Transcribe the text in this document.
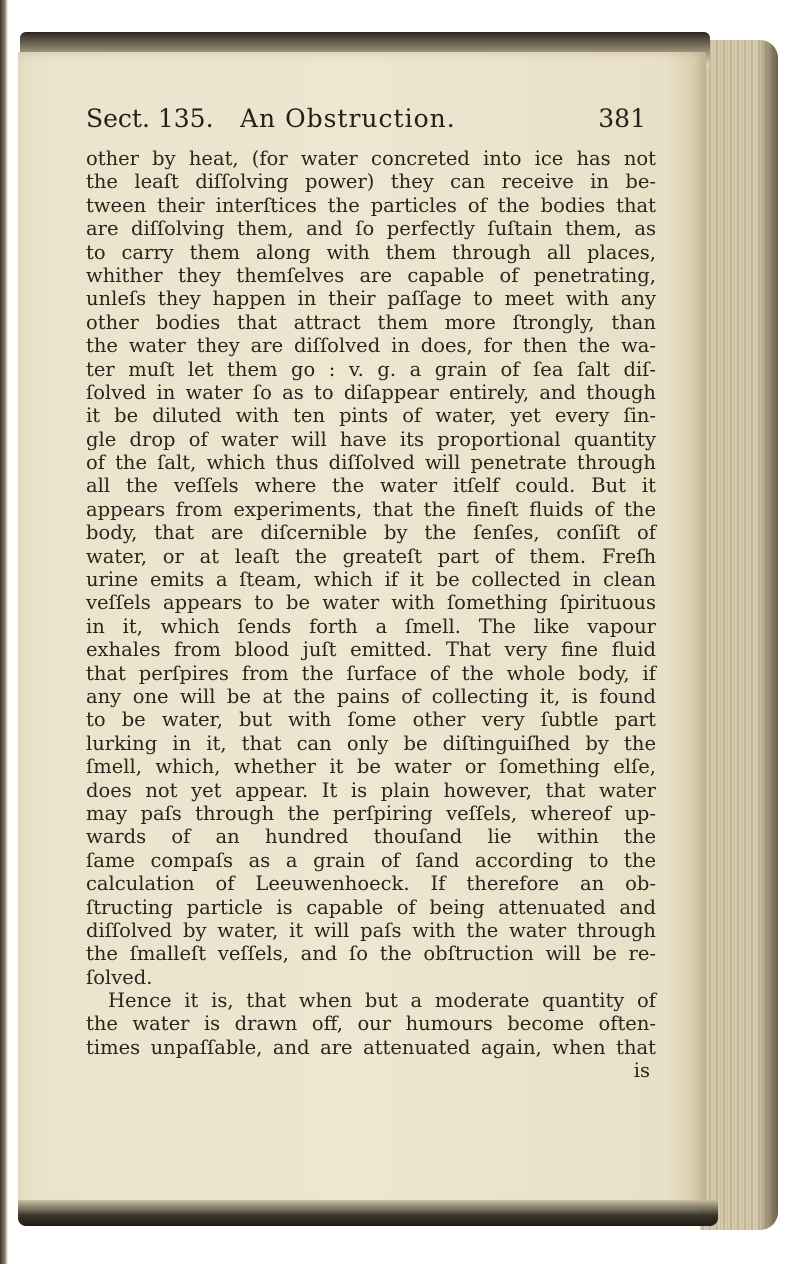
Sect. 135. An Obstruction.	381
other by heat, (for water concreted into ice has not
the leaſt diſſolving power) they can receive in be-
tween their interſtices the particles of the bodies that
are diſſolving them, and ſo perfectly ſuſtain them, as
to carry them along with them through all places,
whither they themſelves are capable of penetrating,
unleſs they happen in their paſſage to meet with any
other bodies that attract them more ſtrongly, than
the water they are diſſolved in does, for then the wa-
ter muſt let them go : v. g. a grain of ſea ſalt diſ-
ſolved in water ſo as to diſappear entirely, and though
it be diluted with ten pints of water, yet every ſin-
gle drop of water will have its proportional quantity
of the ſalt, which thus diſſolved will penetrate through
all the veſſels where the water itſelf could. But it
appears from experiments, that the fineſt fluids of the
body, that are diſcernible by the ſenſes, conſiſt of
water, or at leaſt the greateſt part of them. Freſh
urine emits a ſteam, which if it be collected in clean
veſſels appears to be water with ſomething ſpirituous
in it, which ſends forth a ſmell. The like vapour
exhales from blood juſt emitted. That very fine fluid
that perſpires from the ſurface of the whole body, if
any one will be at the pains of collecting it, is found
to be water, but with ſome other very ſubtle part
lurking in it, that can only be diſtinguiſhed by the
ſmell, which, whether it be water or ſomething elſe,
does not yet appear. It is plain however, that water
may paſs through the perſpiring veſſels, whereof up-
wards of an hundred thouſand lie within the
ſame compaſs as a grain of ſand according to the
calculation of Leeuwenhoeck. If therefore an ob-
ſtructing particle is capable of being attenuated and
diſſolved by water, it will paſs with the water through
the ſmalleſt veſſels, and ſo the obſtruction will be re-
ſolved.
Hence it is, that when but a moderate quantity of
the water is drawn off, our humours become often-
times unpaſſable, and are attenuated again, when that
is
